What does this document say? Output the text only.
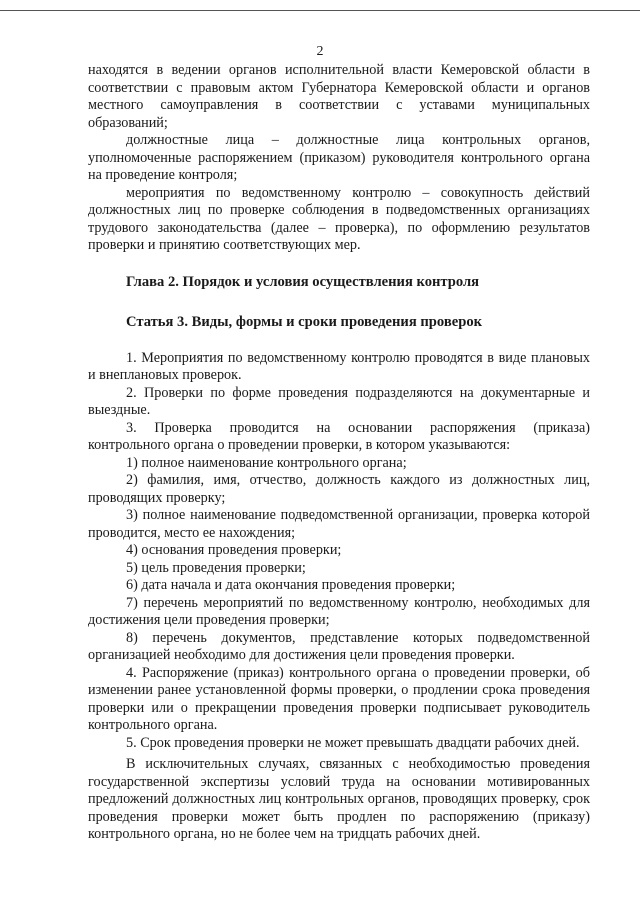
2

находятся в ведении органов исполнительной власти Кемеровской области в соответствии с правовым актом Губернатора Кемеровской области и органов местного самоуправления в соответствии с уставами муниципальных образований;

должностные лица – должностные лица контрольных органов, уполномоченные распоряжением (приказом) руководителя контрольного органа на проведение контроля;

мероприятия по ведомственному контролю – совокупность действий должностных лиц по проверке соблюдения в подведомственных организациях трудового законодательства (далее – проверка), по оформлению результатов проверки и принятию соответствующих мер.

Глава 2. Порядок и условия осуществления контроля
Статья 3. Виды, формы и сроки проведения проверок

1. Мероприятия по ведомственному контролю проводятся в виде плановых и внеплановых проверок.

2. Проверки по форме проведения подразделяются на документарные и выездные.

3. Проверка проводится на основании распоряжения (приказа) контрольного органа о проведении проверки, в котором указываются:

1) полное наименование контрольного органа;

2) фамилия, имя, отчество, должность каждого из должностных лиц, проводящих проверку;

3) полное наименование подведомственной организации, проверка которой проводится, место ее нахождения;

4) основания проведения проверки;

5) цель проведения проверки;

6) дата начала и дата окончания проведения проверки;

7) перечень мероприятий по ведомственному контролю, необходимых для достижения цели проведения проверки;

8) перечень документов, представление которых подведомственной организацией необходимо для достижения цели проведения проверки.

4. Распоряжение (приказ) контрольного органа о проведении проверки, об изменении ранее установленной формы проверки, о продлении срока проведения проверки или о прекращении проведения проверки подписывает руководитель контрольного органа.

5. Срок проведения проверки не может превышать двадцати рабочих дней.

В исключительных случаях, связанных с необходимостью проведения государственной экспертизы условий труда на основании мотивированных предложений должностных лиц контрольных органов, проводящих проверку, срок проведения проверки может быть продлен по распоряжению (приказу) контрольного органа, но не более чем на тридцать рабочих дней.
